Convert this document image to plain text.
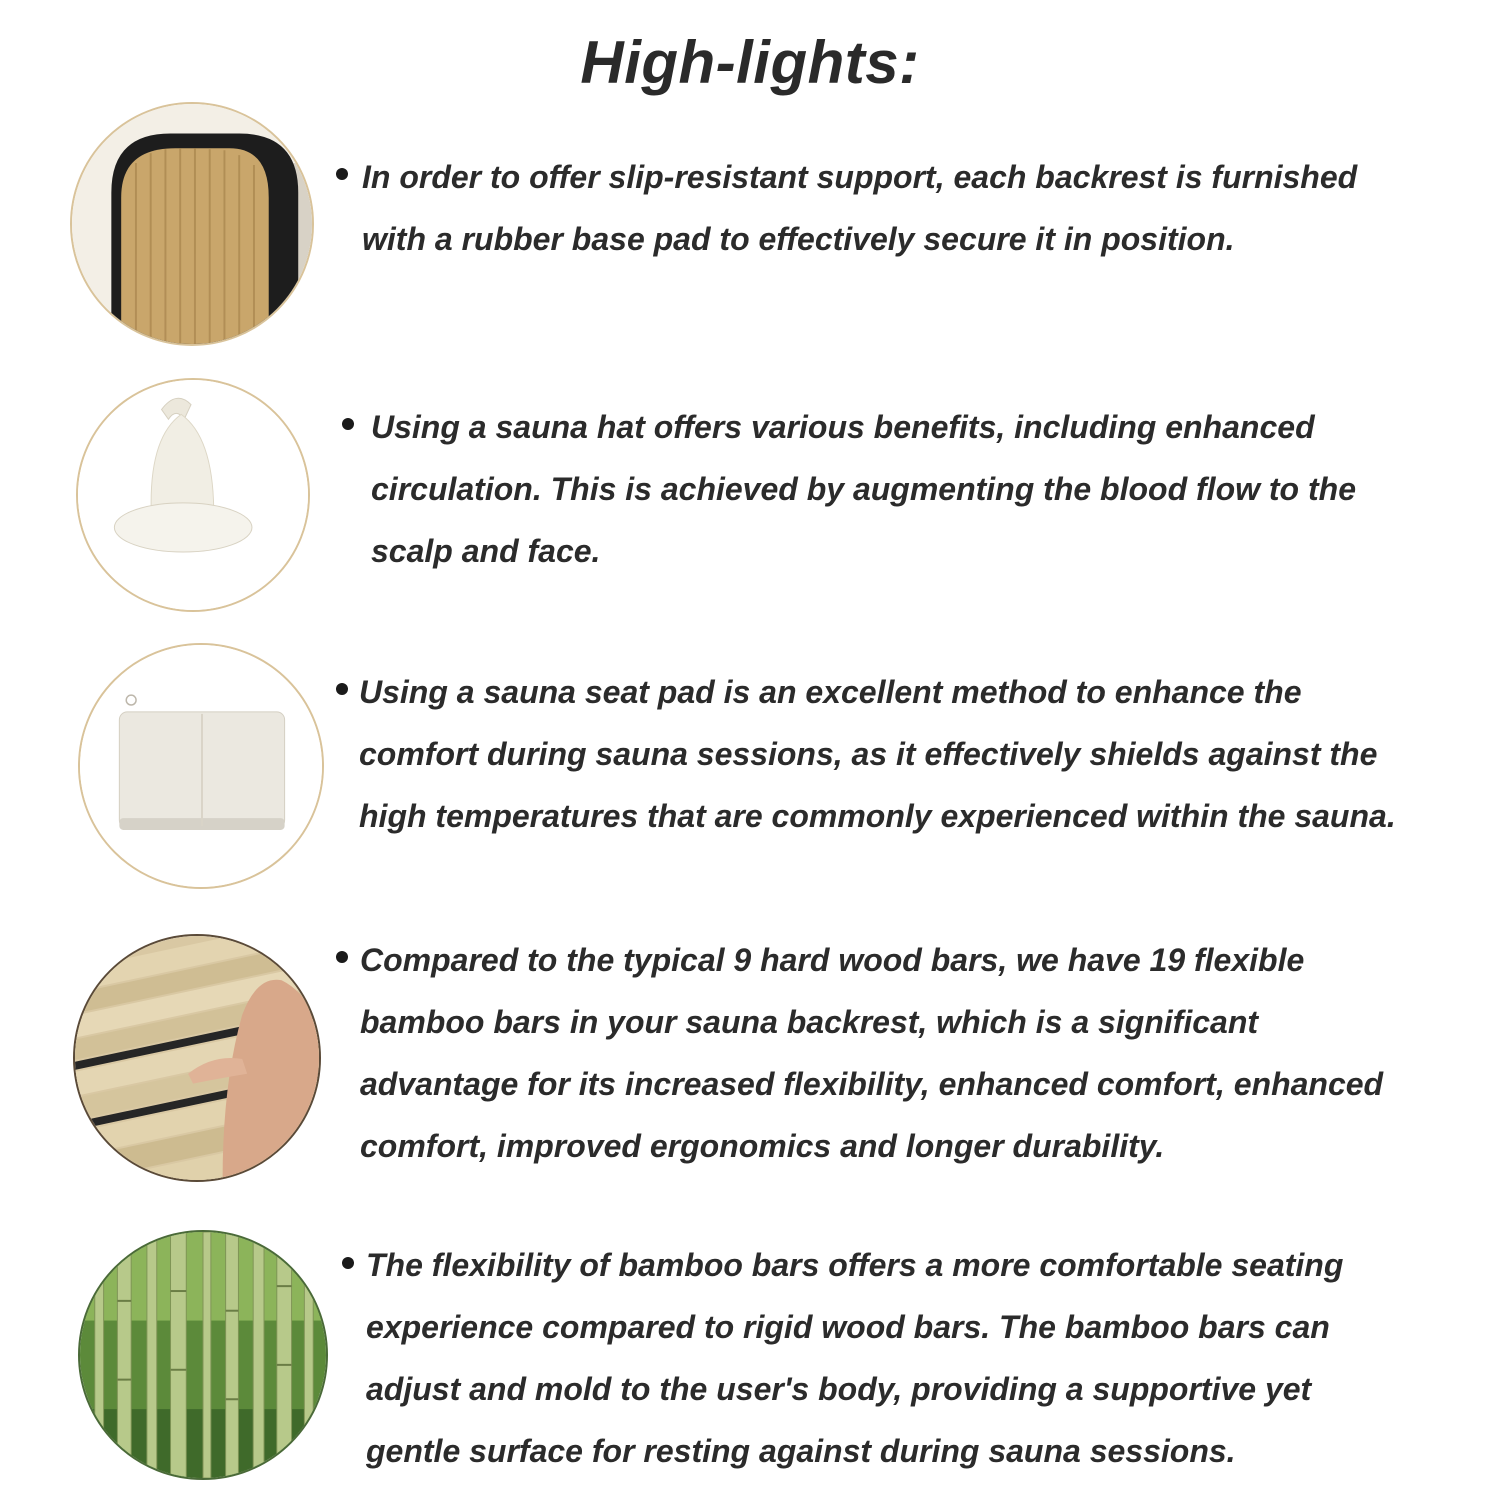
High-lights:
In order to offer slip-resistant support, each backrest is furnished
with a rubber base pad to effectively secure it in position.
Using a sauna hat offers various benefits, including enhanced
circulation. This is achieved by augmenting the blood flow to the
scalp and face.
Using a sauna seat pad is an excellent method to enhance the
comfort during sauna sessions, as it effectively shields against the
high temperatures that are commonly experienced within the sauna.
Compared to the typical 9 hard wood bars, we have 19 flexible
bamboo bars in your sauna backrest, which is a significant
advantage for its increased flexibility, enhanced comfort, enhanced
comfort, improved ergonomics and longer durability.
The flexibility of bamboo bars offers a more comfortable seating
experience compared to rigid wood bars. The bamboo bars can
adjust and mold to the user's body, providing a supportive yet
gentle surface for resting against during sauna sessions.
